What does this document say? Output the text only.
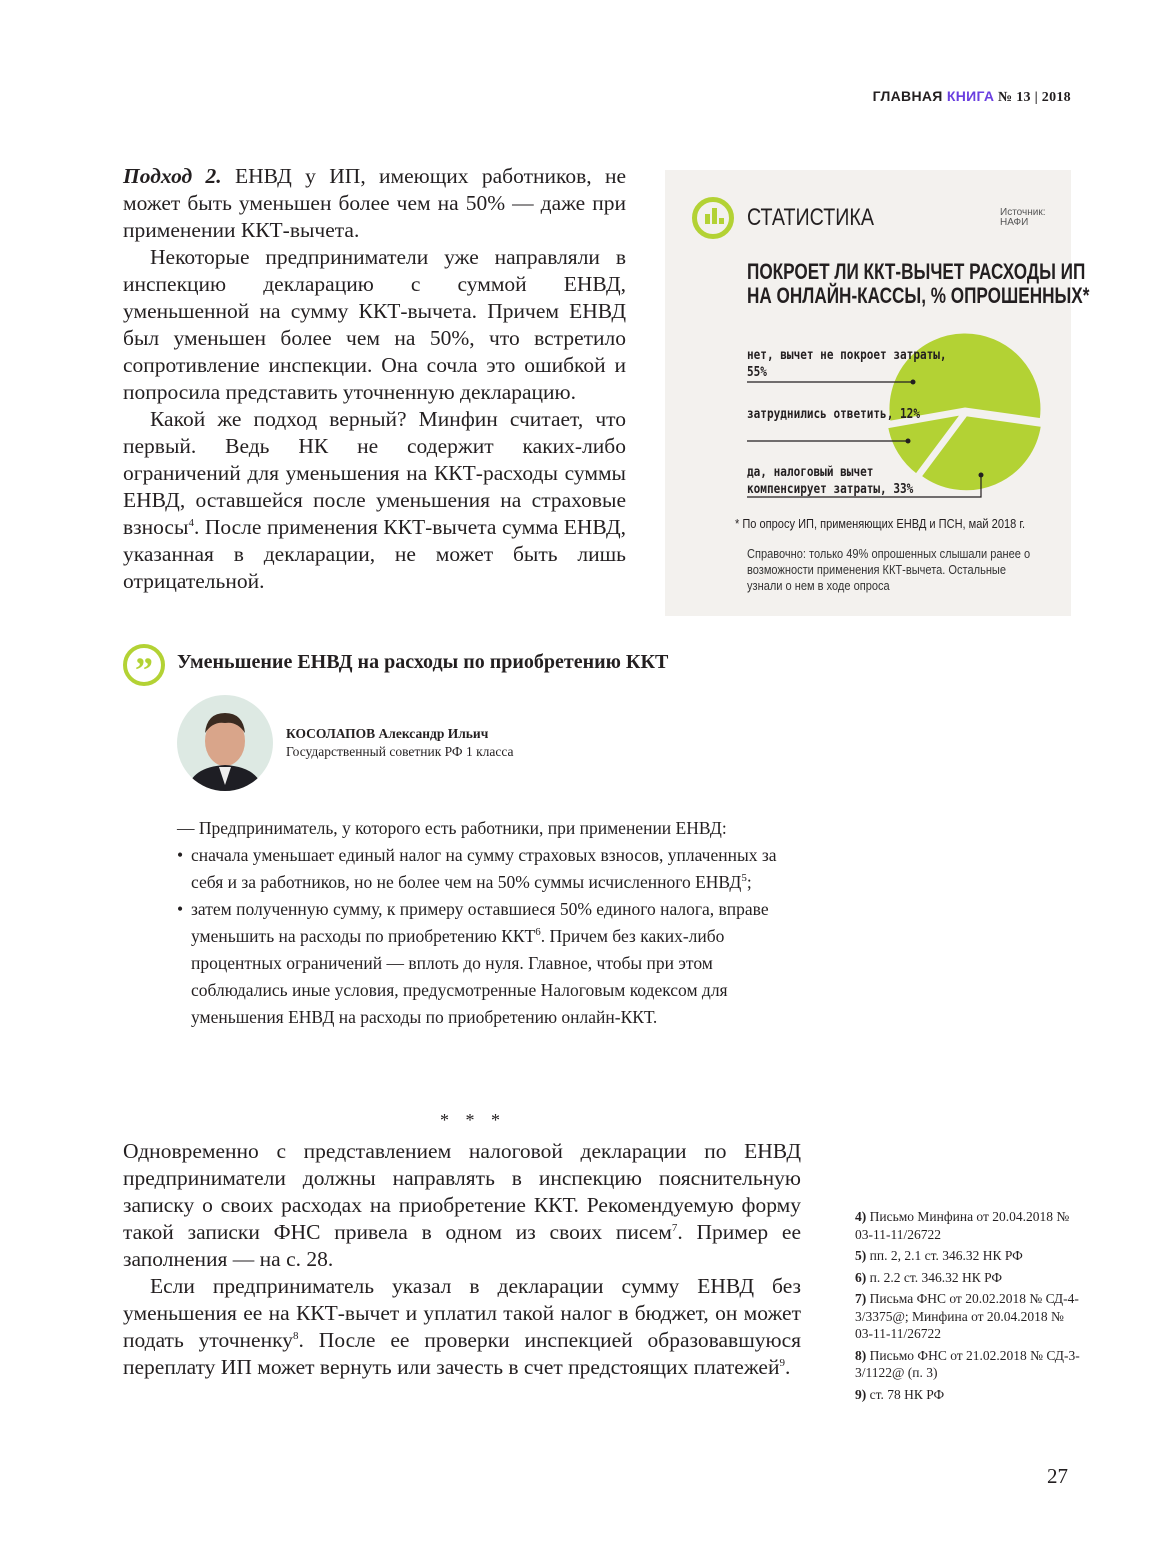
ГЛАВНАЯ КНИГА № 13 | 2018

Подход 2. ЕНВД у ИП, имеющих работников, не может быть уменьшен более чем на 50% — даже при применении ККТ-вычета.

Некоторые предприниматели уже направляли в инспекцию декларацию с суммой ЕНВД, уменьшенной на сумму ККТ-вычета. Причем ЕНВД был уменьшен более чем на 50%, что встретило сопротивление инспекции. Она сочла это ошибкой и попросила представить уточненную декларацию.

Какой же подход верный? Минфин считает, что первый. Ведь НК не содержит каких-либо ограничений для уменьшения на ККТ-расходы суммы ЕНВД, оставшейся после уменьшения на страховые взносы$^4$. После применения ККТ-вычета сумма ЕНВД, указанная в декларации, не может быть лишь отрицательной.

СТАТИСТИКА	Источник: НАФИ
ПОКРОЕТ ЛИ ККТ-ВЫЧЕТ РАСХОДЫ ИП НА ОНЛАЙН-КАССЫ, % ОПРОШЕННЫХ*
нет, вычет не покроет затраты, 55%
затруднились ответить, 12%
да, налоговый вычет компенсирует затраты, 33%
* По опросу ИП, применяющих ЕНВД и ПСН, май 2018 г.
Справочно: только 49% опрошенных слышали ранее о возможности применения ККТ-вычета. Остальные узнали о нем в ходе опроса
”	Уменьшение ЕНВД на расходы по приобретению ККТ
КОСОЛАПОВ Александр Ильич
Государственный советник РФ 1 класса
— Предприниматель, у которого есть работники, при применении ЕНВД:
• сначала уменьшает единый налог на сумму страховых взносов, уплаченных за себя и за работников, но не более чем на 50% суммы исчисленного ЕНВД$^5$;
• затем полученную сумму, к примеру оставшиеся 50% единого налога, вправе уменьшить на расходы по приобретению ККТ$^6$. Причем без каких-либо процентных ограничений — вплоть до нуля. Главное, чтобы при этом соблюдались иные условия, предусмотренные Налоговым кодексом для уменьшения ЕНВД на расходы по приобретению онлайн-ККТ.
* * *

Одновременно с представлением налоговой декларации по ЕНВД предприниматели должны направлять в инспекцию пояснительную записку о своих расходах на приобретение ККТ. Рекомендуемую форму такой записки ФНС привела в одном из своих писем$^7$. Пример ее заполнения — на с. 28.

Если предприниматель указал в декларации сумму ЕНВД без уменьшения ее на ККТ-вычет и уплатил такой налог в бюджет, он может подать уточненку$^8$. После ее проверки инспекцией образовавшуюся переплату ИП может вернуть или зачесть в счет предстоящих платежей$^9$.

4) Письмо Минфина от 20.04.2018 № 03-11-11/26722
5) пп. 2, 2.1 ст. 346.32 НК РФ
6) п. 2.2 ст. 346.32 НК РФ
7) Письма ФНС от 20.02.2018 № СД-4-3/3375@; Минфина от 20.04.2018 № 03-11-11/26722
8) Письмо ФНС от 21.02.2018 № СД-3-3/1122@ (п. 3)
9) ст. 78 НК РФ
27
